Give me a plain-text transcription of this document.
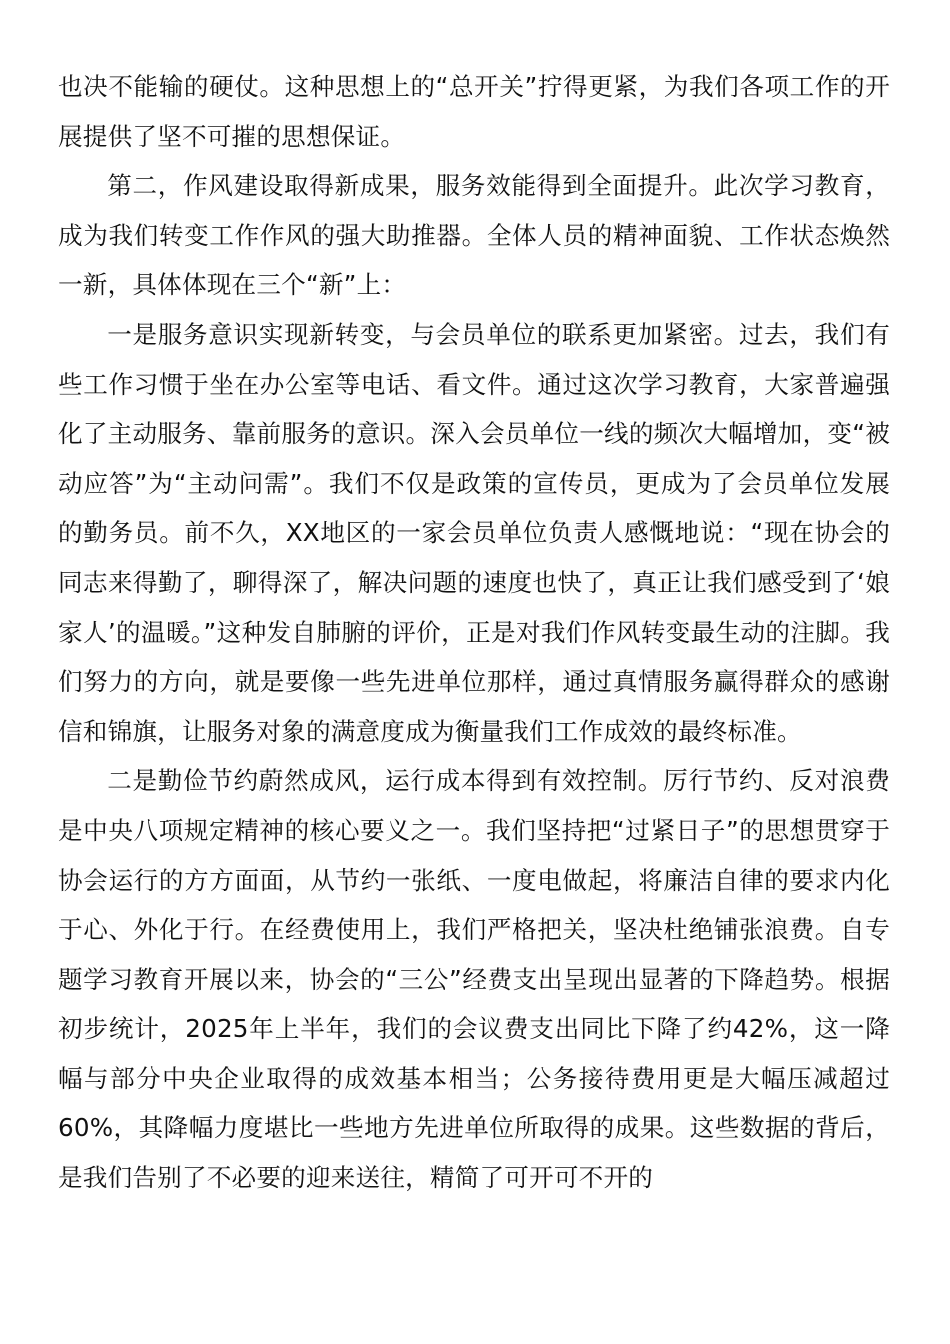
也决不能输的硬仗。这种思想上的“总开关”拧得更紧，为我们各项工作的开展提供了坚不可摧的思想保证。

第二，作风建设取得新成果，服务效能得到全面提升。此次学习教育，成为我们转变工作作风的强大助推器。全体人员的精神面貌、工作状态焕然一新，具体体现在三个“新”上：

一是服务意识实现新转变，与会员单位的联系更加紧密。过去，我们有些工作习惯于坐在办公室等电话、看文件。通过这次学习教育，大家普遍强化了主动服务、靠前服务的意识。深入会员单位一线的频次大幅增加，变“被动应答”为“主动问需”。我们不仅是政策的宣传员，更成为了会员单位发展的勤务员。前不久，XX地区的一家会员单位负责人感慨地说：“现在协会的同志来得勤了，聊得深了，解决问题的速度也快了，真正让我们感受到了‘娘家人’的温暖。”这种发自肺腑的评价，正是对我们作风转变最生动的注脚。我们努力的方向，就是要像一些先进单位那样，通过真情服务赢得群众的感谢信和锦旗，让服务对象的满意度成为衡量我们工作成效的最终标准。

二是勤俭节约蔚然成风，运行成本得到有效控制。厉行节约、反对浪费是中央八项规定精神的核心要义之一。我们坚持把“过紧日子”的思想贯穿于协会运行的方方面面，从节约一张纸、一度电做起，将廉洁自律的要求内化于心、外化于行。在经费使用上，我们严格把关，坚决杜绝铺张浪费。自专题学习教育开展以来，协会的“三公”经费支出呈现出显著的下降趋势。根据初步统计，2025年上半年，我们的会议费支出同比下降了约42%，这一降幅与部分中央企业取得的成效基本相当；公务接待费用更是大幅压减超过60%，其降幅力度堪比一些地方先进单位所取得的成果。这些数据的背后，是我们告别了不必要的迎来送往，精简了可开可不开的
